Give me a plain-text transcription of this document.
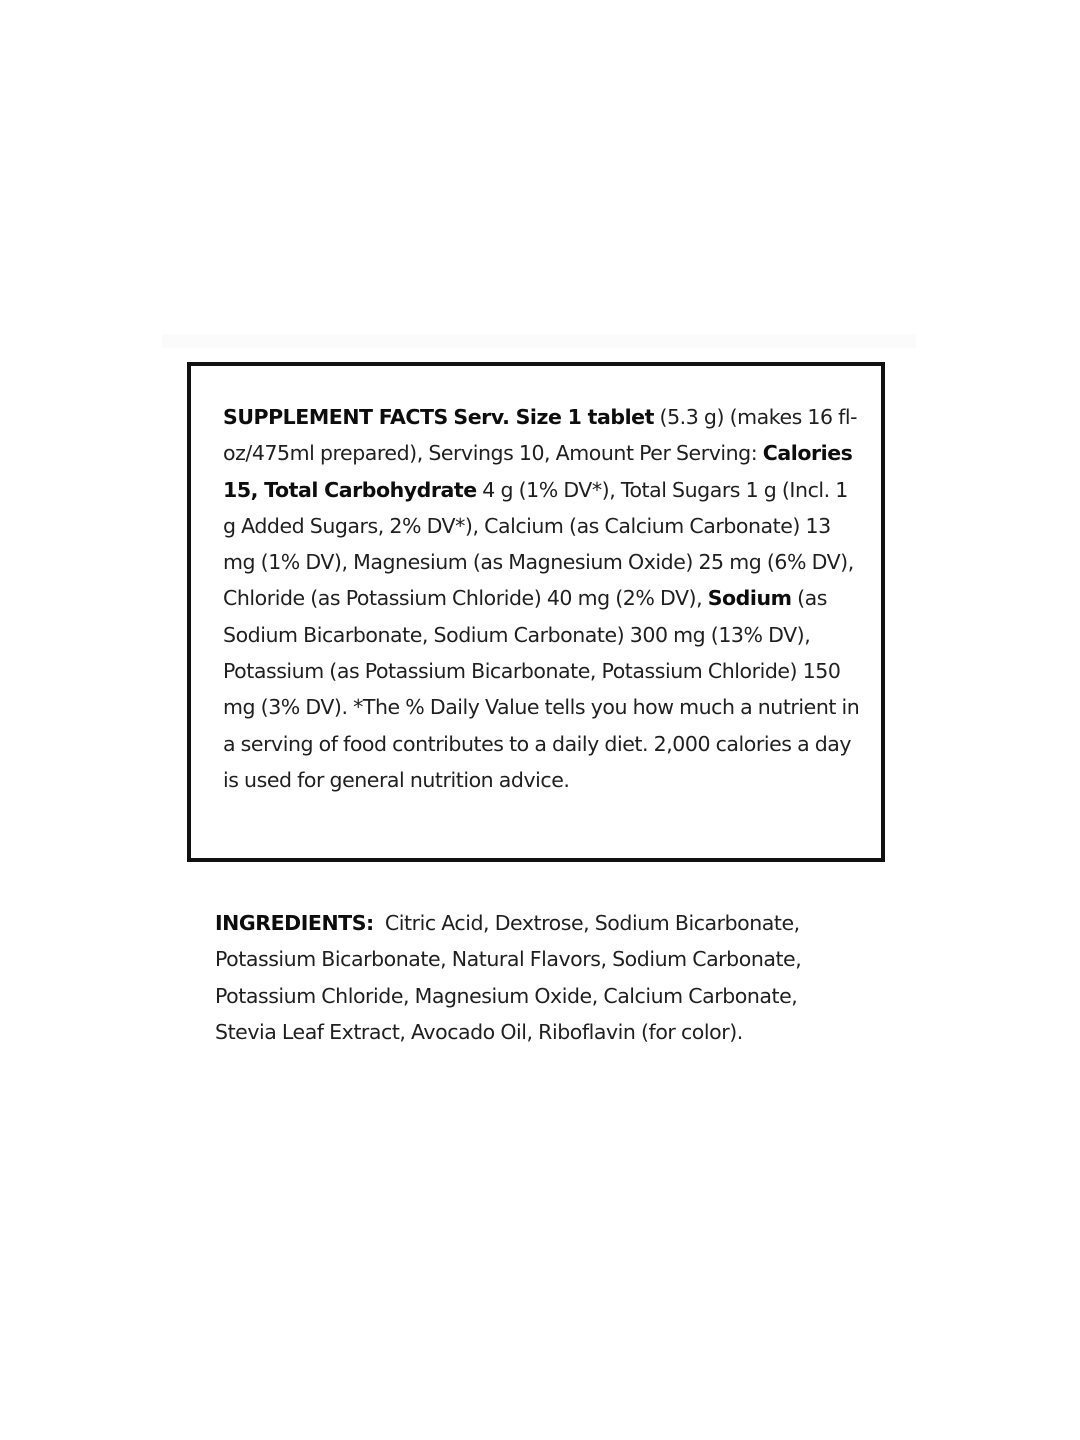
SUPPLEMENT FACTS Serv. Size 1 tablet (5.3 g) (makes 16 fl-oz/475ml prepared), Servings 10, Amount Per Serving: Calories 15, Total Carbohydrate 4 g (1% DV*), Total Sugars 1 g (Incl. 1 g Added Sugars, 2% DV*), Calcium (as Calcium Carbonate) 13 mg (1% DV), Magnesium (as Magnesium Oxide) 25 mg (6% DV), Chloride (as Potassium Chloride) 40 mg (2% DV), Sodium (as Sodium Bicarbonate, Sodium Carbonate) 300 mg (13% DV), Potassium (as Potassium Bicarbonate, Potassium Chloride) 150 mg (3% DV). *The % Daily Value tells you how much a nutrient in a serving of food contributes to a daily diet. 2,000 calories a day is used for general nutrition advice.
INGREDIENTS: Citric Acid, Dextrose, Sodium Bicarbonate, Potassium Bicarbonate, Natural Flavors, Sodium Carbonate, Potassium Chloride, Magnesium Oxide, Calcium Carbonate, Stevia Leaf Extract, Avocado Oil, Riboflavin (for color).
